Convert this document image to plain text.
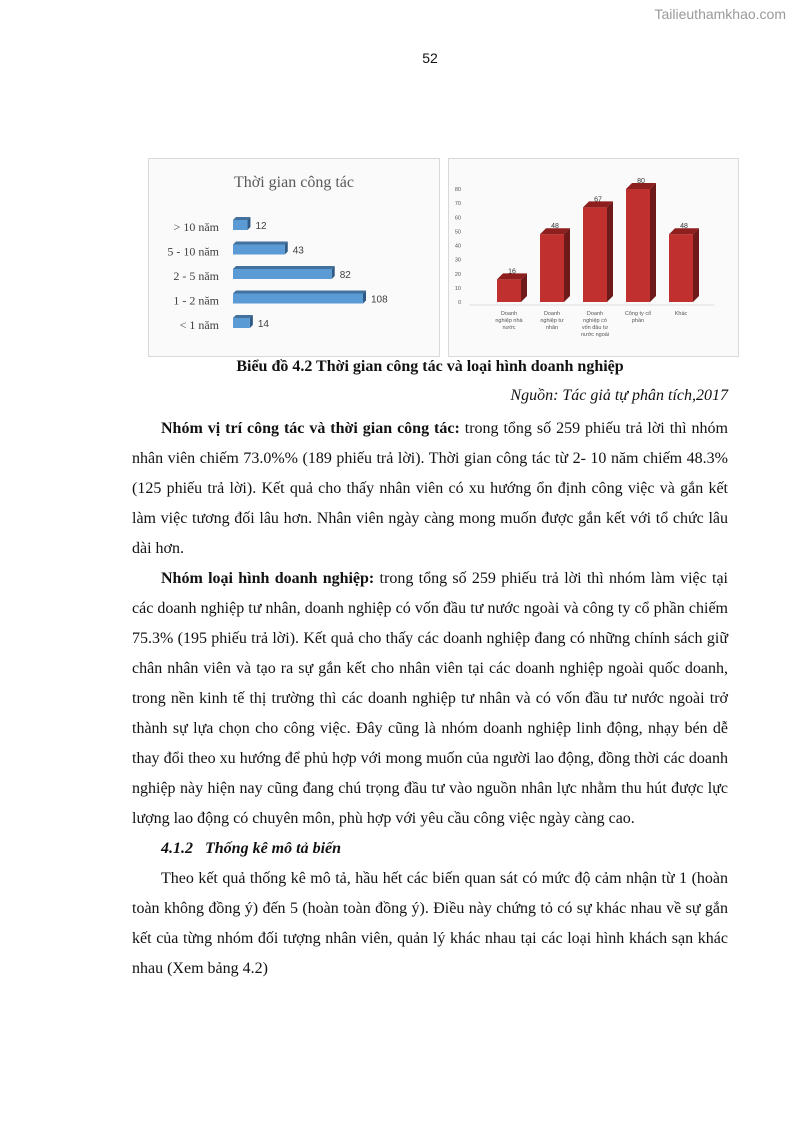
Tailieuthamkhao.com
52
Thời gian công tác
> 10 năm	12
5 - 10 năm	43
2 - 5 năm	82
1 - 2 năm	108
< 1 năm	14
0
10
20
30
40
50
60
70
80
16
Doanh
nghiệp nhà
nước
48
Doanh
nghiệp tư
nhân
67
Doanh
nghiệp có
vốn đầu tư
nước ngoài
80
Công ty cổ
phần
48
Khác
Biểu đồ 4.2 Thời gian công tác và loại hình doanh nghiệp
Nguồn: Tác giả tự phân tích,2017

Nhóm vị trí công tác và thời gian công tác: trong tổng số 259 phiếu trả lời thì nhóm nhân viên chiếm 73.0%% (189 phiếu trả lời). Thời gian công tác từ 2- 10 năm chiếm 48.3% (125 phiếu trả lời). Kết quả cho thấy nhân viên có xu hướng ổn định công việc và gắn kết làm việc tương đối lâu hơn. Nhân viên ngày càng mong muốn được gắn kết với tổ chức lâu dài hơn.

Nhóm loại hình doanh nghiệp: trong tổng số 259 phiếu trả lời thì nhóm làm việc tại các doanh nghiệp tư nhân, doanh nghiệp có vốn đầu tư nước ngoài và công ty cổ phần chiếm 75.3% (195 phiếu trả lời). Kết quả cho thấy các doanh nghiệp đang có những chính sách giữ chân nhân viên và tạo ra sự gắn kết cho nhân viên tại các doanh nghiệp ngoài quốc doanh, trong nền kinh tế thị trường thì các doanh nghiệp tư nhân và có vốn đầu tư nước ngoài trở thành sự lựa chọn cho công việc. Đây cũng là nhóm doanh nghiệp linh động, nhạy bén dễ thay đổi theo xu hướng để phủ hợp với mong muốn của người lao động, đồng thời các doanh nghiệp này hiện nay cũng đang chú trọng đầu tư vào nguồn nhân lực nhằm thu hút được lực lượng lao động có chuyên môn, phù hợp với yêu cầu công việc ngày càng cao.

4.1.2   Thống kê mô tả biến

Theo kết quả thống kê mô tả, hầu hết các biến quan sát có mức độ cảm nhận từ 1 (hoàn toàn không đồng ý) đến 5 (hoàn toàn đồng ý). Điều này chứng tỏ có sự khác nhau về sự gắn kết của từng nhóm đối tượng nhân viên, quản lý khác nhau tại các loại hình khách sạn khác nhau (Xem bảng 4.2)
